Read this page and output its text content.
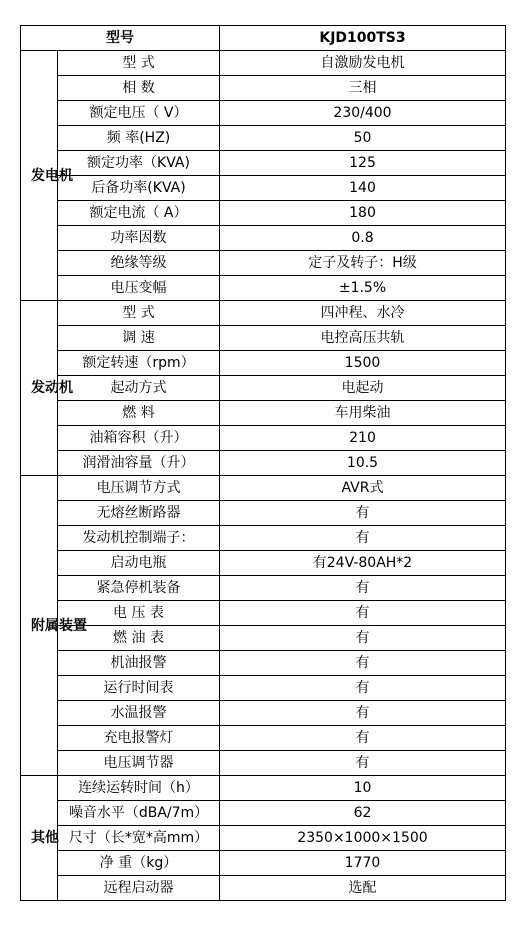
型号		KJD100TS3

发电机	型 式	自激励发电机
	相 数	三相
	额定电压（ V）	230/400
	频 率(HZ)	50
	额定功率（KVA)	125
	后备功率(KVA)	140
	额定电流（ A）	180
	功率因数	0.8
	绝缘等级	定子及转子：H级
	电压变幅	±1.5%

发动机	型 式	四冲程、水冷
	调 速	电控高压共轨
	额定转速（rpm）	1500
	起动方式	电起动
	燃 料	车用柴油
	油箱容积（升）	210
	润滑油容量（升）	10.5

附属装置	电压调节方式	AVR式
	无熔丝断路器	有
	发动机控制端子：	有
	启动电瓶	有24V-80AH*2
	紧急停机装备	有
	电 压 表	有
	燃 油 表	有
	机油报警	有
	运行时间表	有
	水温报警	有
	充电报警灯	有
	电压调节器	有

其他	连续运转时间（h）	10
	噪音水平（dBA/7m）	62
	尺寸（长*宽*高mm）	2350×1000×1500
	净 重（kg）	1770
	远程启动器	选配
